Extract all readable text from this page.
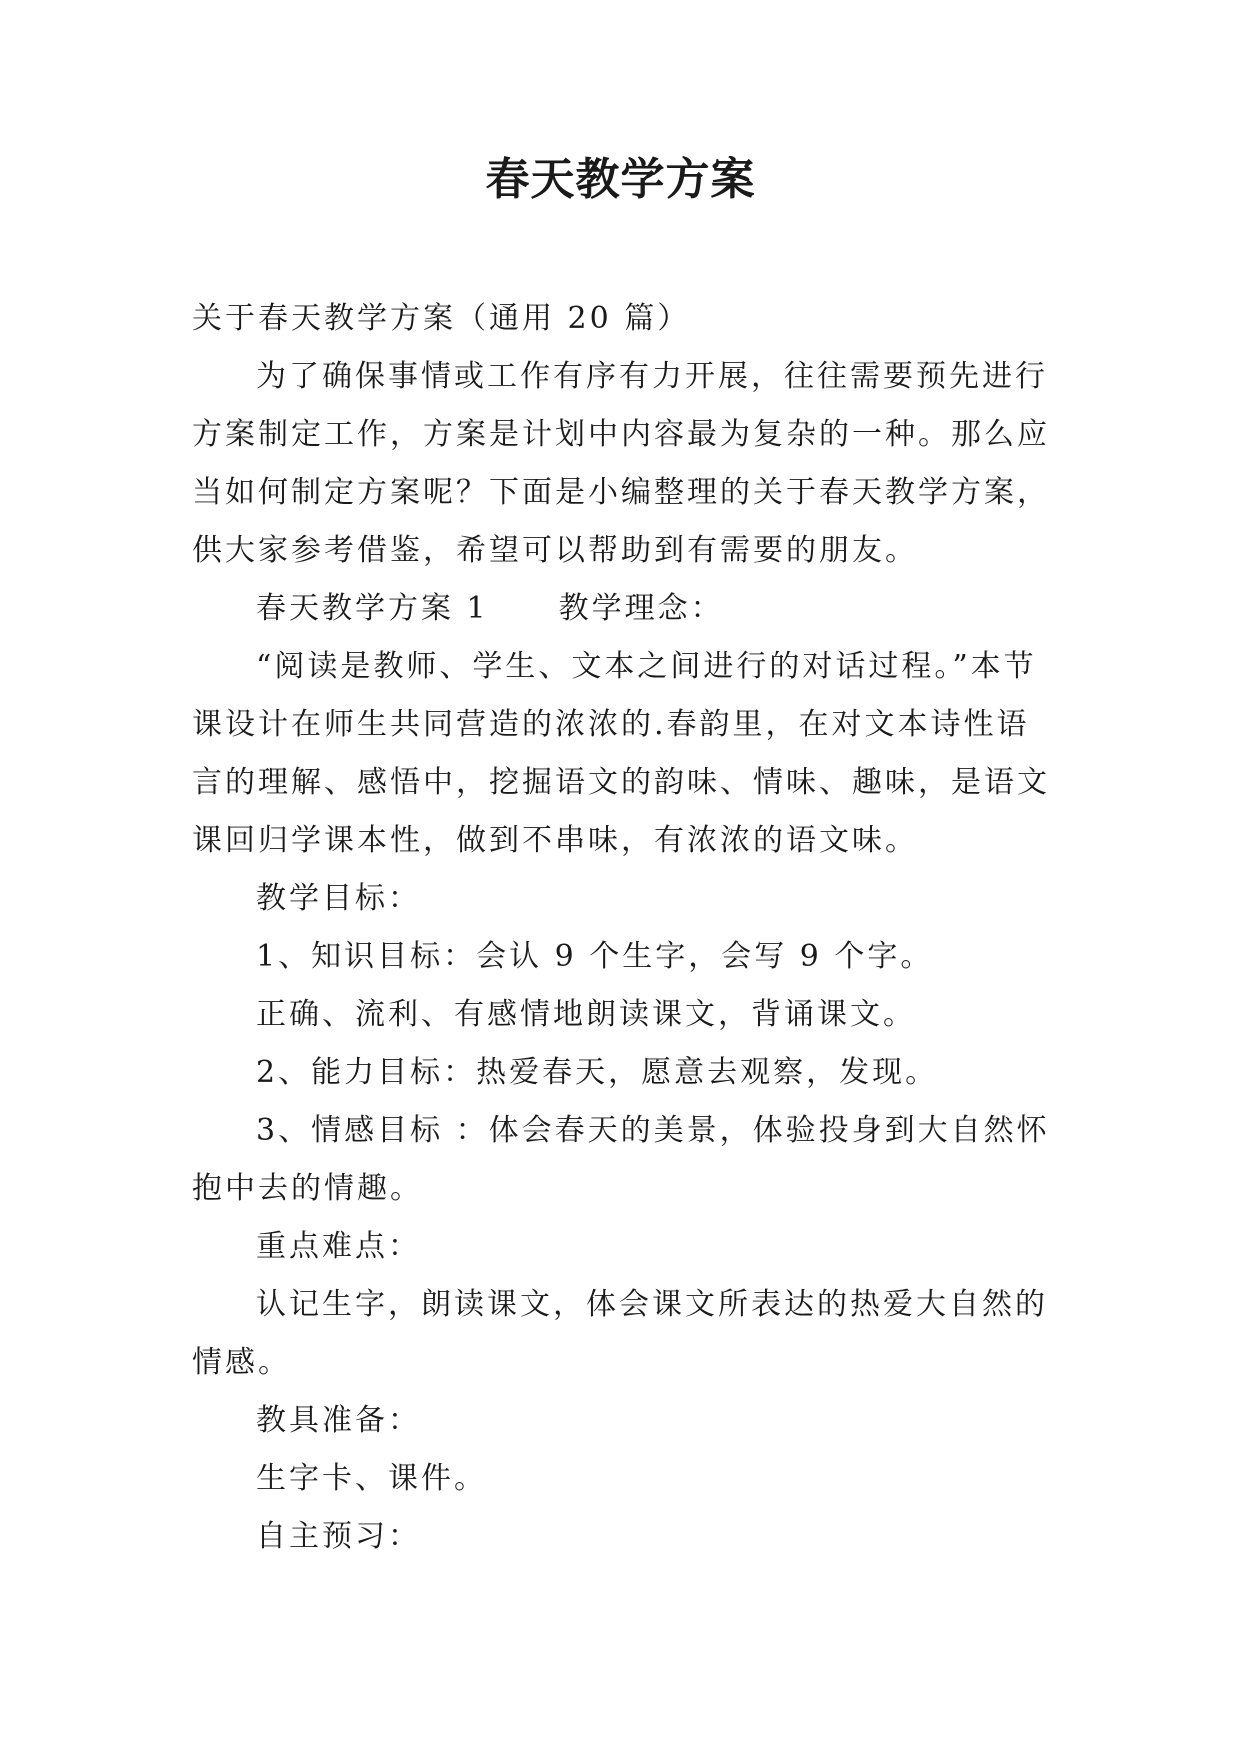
春天教学方案

关于春天教学方案（通用 20 篇）

为了确保事情或工作有序有力开展，往往需要预先进行方案制定工作，方案是计划中内容最为复杂的一种。那么应当如何制定方案呢？下面是小编整理的关于春天教学方案，供大家参考借鉴，希望可以帮助到有需要的朋友。

春天教学方案 1 教学理念：

“阅读是教师、学生、文本之间进行的对话过程。”本节课设计在师生共同营造的浓浓的.春韵里，在对文本诗性语言的理解、感悟中，挖掘语文的韵味、情味、趣味，是语文课回归学课本性，做到不串味，有浓浓的语文味。

教学目标：

1、知识目标：会认 9 个生字，会写 9 个字。

正确、流利、有感情地朗读课文，背诵课文。

2、能力目标：热爱春天，愿意去观察，发现。

3、情感目标 ：体会春天的美景，体验投身到大自然怀抱中去的情趣。

重点难点：

认记生字，朗读课文，体会课文所表达的热爱大自然的情感。

教具准备：

生字卡、课件。

自主预习：
